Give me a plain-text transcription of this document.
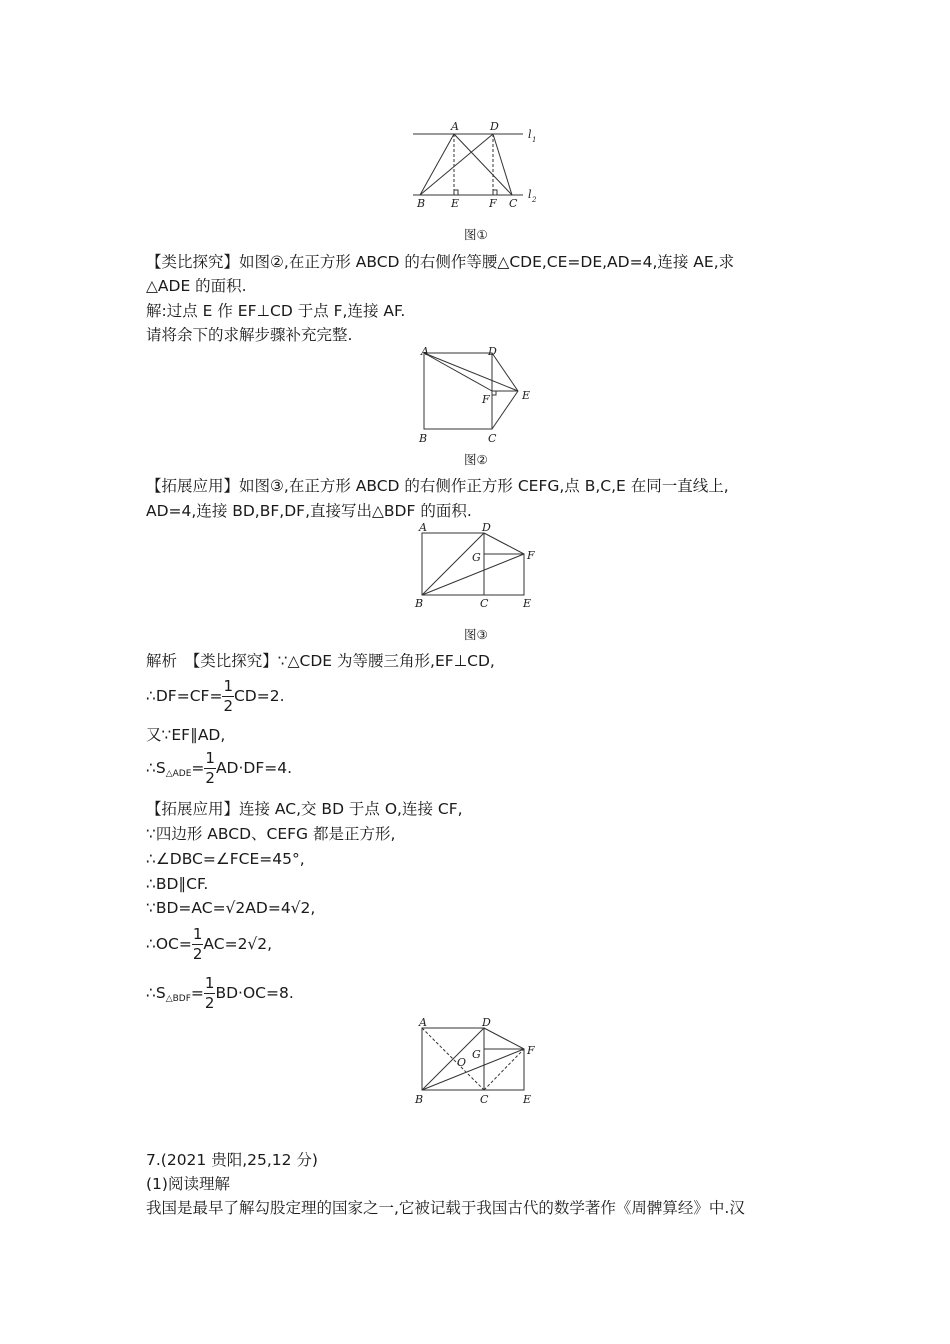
A	D
B E	F C
l 1
l 2
图①
【类比探究】如图②,在正方形 ABCD 的右侧作等腰△CDE,CE=DE,AD=4,连接 AE,求
△ADE 的面积.
解:过点 E 作 EF⊥CD 于点 F,连接 AF.
请将余下的求解步骤补充完整.
A	D
B	C
E
F
图②
【拓展应用】如图③,在正方形 ABCD 的右侧作正方形 CEFG,点 B,C,E 在同一直线上,
AD=4,连接 BD,BF,DF,直接写出△BDF 的面积.
A	D
B	C	E
F
G
图③
解析　【类比探究】∵△CDE 为等腰三角形,EF⊥CD,
∴DF=CF= $\frac{1}{2} CD=2$.
又∵EF∥AD,
∴S△ADE= $\frac{1}{2} AD\cdot DF=4$.
【拓展应用】连接 AC,交 BD 于点 O,连接 CF,
∵四边形 ABCD、CEFG 都是正方形,
∴∠DBC=∠FCE=45°,
∴BD∥CF.
∵BD=AC=√2AD=4√2,
∴OC= $\frac{1}{2} AC=2√2$,
∴S△BDF= $\frac{1}{2} BD\cdot OC=8$.
A	D
B	C	E
F
G
O
7.(2021 贵阳,25,12 分)
(1)阅读理解
我国是最早了解勾股定理的国家之一,它被记载于我国古代的数学著作《周髀算经》中.汉
